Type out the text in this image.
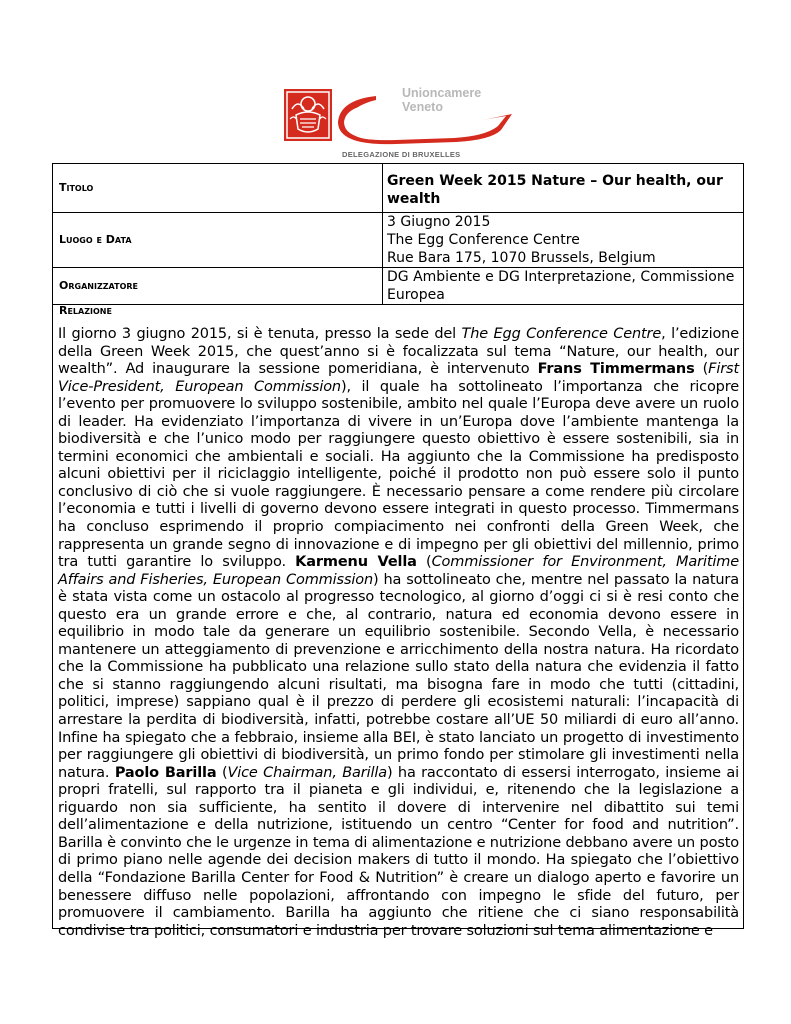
Unioncamere
Veneto
DELEGAZIONE DI BRUXELLES
Titolo	Green Week 2015 Nature – Our health, our wealth
Luogo e Data	3 Giugno 2015
The Egg Conference Centre
Rue Bara 175, 1070 Brussels, Belgium

Organizzatore	DG Ambiente e DG Interpretazione, Commissione Europea
Relazione
Il giorno 3 giugno 2015, si è tenuta, presso la sede del The Egg Conference Centre, l’edizione della Green Week 2015, che quest’anno si è focalizzata sul tema “Nature, our health, our wealth”. Ad inaugurare la sessione pomeridiana, è intervenuto Frans Timmermans (First Vice-President, European Commission), il quale ha sottolineato l’importanza che ricopre l’evento per promuovere lo sviluppo sostenibile, ambito nel quale l’Europa deve avere un ruolo di leader. Ha evidenziato l’importanza di vivere in un’Europa dove l’ambiente mantenga la biodiversità e che l’unico modo per raggiungere questo obiettivo è essere sostenibili, sia in termini economici che ambientali e sociali. Ha aggiunto che la Commissione ha predisposto alcuni obiettivi per il riciclaggio intelligente, poiché il prodotto non può essere solo il punto conclusivo di ciò che si vuole raggiungere. È necessario pensare a come rendere più circolare l’economia e tutti i livelli di governo devono essere integrati in questo processo. Timmermans ha concluso esprimendo il proprio compiacimento nei confronti della Green Week, che rappresenta un grande segno di innovazione e di impegno per gli obiettivi del millennio, primo tra tutti garantire lo sviluppo. Karmenu Vella (Commissioner for Environment, Maritime Affairs and Fisheries, European Commission) ha sottolineato che, mentre nel passato la natura è stata vista come un ostacolo al progresso tecnologico, al giorno d’oggi ci si è resi conto che questo era un grande errore e che, al contrario, natura ed economia devono essere in equilibrio in modo tale da generare un equilibrio sostenibile. Secondo Vella, è necessario mantenere un atteggiamento di prevenzione e arricchimento della nostra natura. Ha ricordato che la Commissione ha pubblicato una relazione sullo stato della natura che evidenzia il fatto che si stanno raggiungendo alcuni risultati, ma bisogna fare in modo che tutti (cittadini, politici, imprese) sappiano qual è il prezzo di perdere gli ecosistemi naturali: l’incapacità di arrestare la perdita di biodiversità, infatti, potrebbe costare all’UE 50 miliardi di euro all’anno. Infine ha spiegato che a febbraio, insieme alla BEI, è stato lanciato un progetto di investimento per raggiungere gli obiettivi di biodiversità, un primo fondo per stimolare gli investimenti nella natura. Paolo Barilla (Vice Chairman, Barilla) ha raccontato di essersi interrogato, insieme ai propri fratelli, sul rapporto tra il pianeta e gli individui, e, ritenendo che la legislazione a riguardo non sia sufficiente, ha sentito il dovere di intervenire nel dibattito sui temi dell’alimentazione e della nutrizione, istituendo un centro “Center for food and nutrition”. Barilla è convinto che le urgenze in tema di alimentazione e nutrizione debbano avere un posto di primo piano nelle agende dei decision makers di tutto il mondo. Ha spiegato che l’obiettivo della “Fondazione Barilla Center for Food & Nutrition” è creare un dialogo aperto e favorire un benessere diffuso nelle popolazioni, affrontando con impegno le sfide del futuro, per promuovere il cambiamento. Barilla ha aggiunto che ritiene che ci siano responsabilità condivise tra politici, consumatori e industria per trovare soluzioni sul tema alimentazione e
